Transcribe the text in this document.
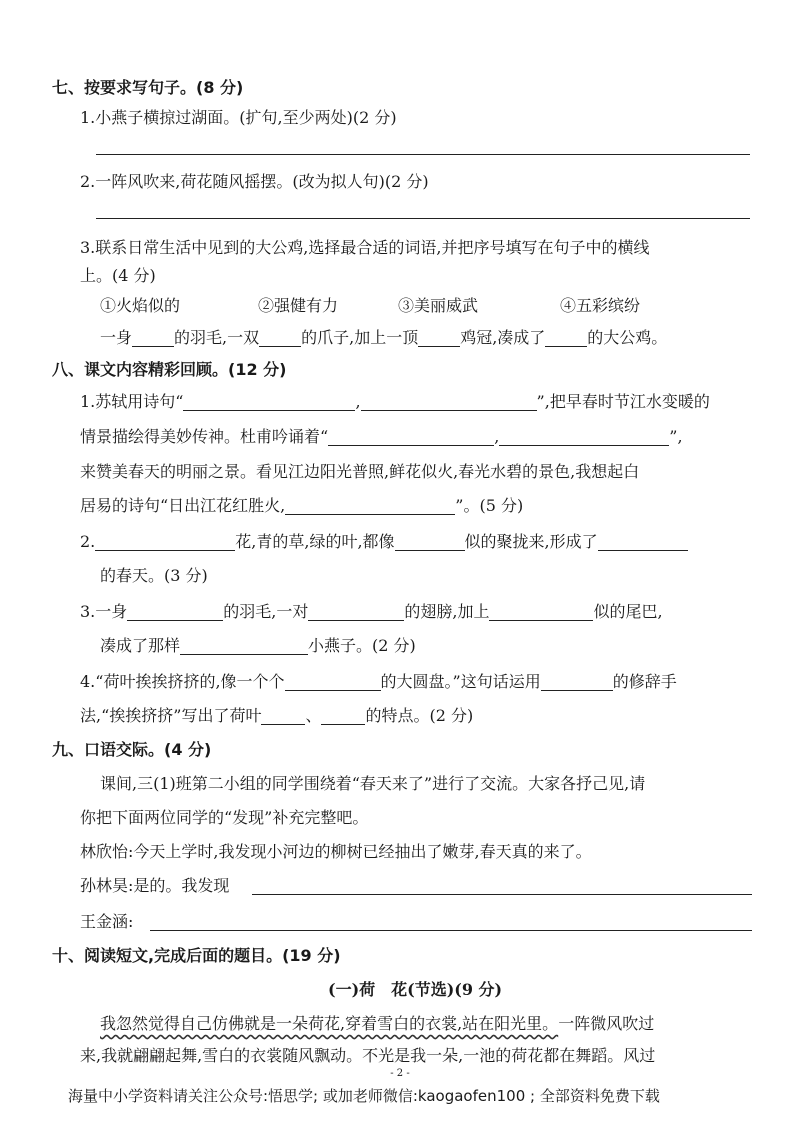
七、按要求写句子。(8 分)
1.小燕子横掠过湖面。(扩句,至少两处)(2 分)
2.一阵风吹来,荷花随风摇摆。(改为拟人句)(2 分)
3.联系日常生活中见到的大公鸡,选择最合适的词语,并把序号填写在句子中的横线
上。(4 分)
①火焰似的	②强健有力	③美丽威武	④五彩缤纷
一身	的羽毛,一双	的爪子,加上一顶	鸡冠,凑成了	的大公鸡。
八、课文内容精彩回顾。(12 分)
1.苏轼用诗句“	,	”,把早春时节江水变暖的
情景描绘得美妙传神。杜甫吟诵着“	,	”,
来赞美春天的明丽之景。看见江边阳光普照,鲜花似火,春光水碧的景色,我想起白
居易的诗句“日出江花红胜火,	”。(5 分)
2.	花,青的草,绿的叶,都像	似的聚拢来,形成了
的春天。(3 分)
3.一身	的羽毛,一对	的翅膀,加上	似的尾巴,
凑成了那样	小燕子。(2 分)
4.“荷叶挨挨挤挤的,像一个个	的大圆盘。”这句话运用	的修辞手
法,“挨挨挤挤”写出了荷叶	、	的特点。(2 分)
九、口语交际。(4 分)
课间,三(1)班第二小组的同学围绕着“春天来了”进行了交流。大家各抒己见,请
你把下面两位同学的“发现”补充完整吧。
林欣怡:今天上学时,我发现小河边的柳树已经抽出了嫩芽,春天真的来了。
孙林昊:是的。我发现
王金涵:
十、阅读短文,完成后面的题目。(19 分)
(一)荷　花(节选)(9 分)
我忽然觉得自己仿佛就是一朵荷花,穿着雪白的衣裳,站在阳光里。一阵微风吹过
来,我就翩翩起舞,雪白的衣裳随风飘动。不光是我一朵,一池的荷花都在舞蹈。风过
- 2 -
海量中小学资料请关注公众号:悟思学; 或加老师微信:kaogaofen100 ; 全部资料免费下载
